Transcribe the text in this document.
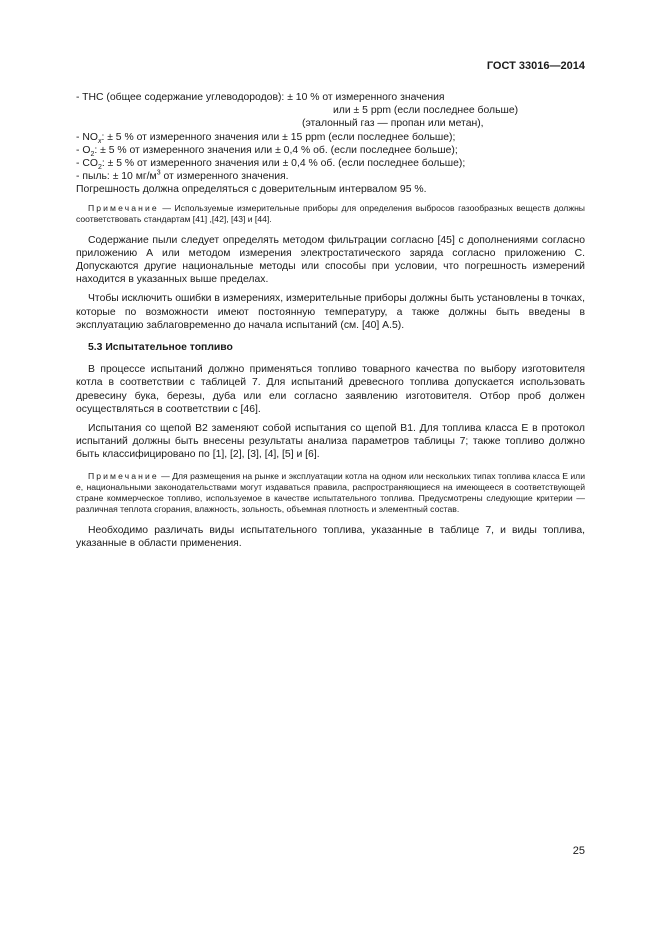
ГОСТ 33016—2014

- THC (общее содержание углеводородов): ± 10 % от измеренного значения

или ± 5 ppm (если последнее больше)

(эталонный газ — пропан или метан),

- $NO_x$: ± 5 % от измеренного значения или ± 15 ppm (если последнее больше);

- $O_2$: ± 5 % от измеренного значения или ± 0,4 % об. (если последнее больше);

- $CO_2$: ± 5 % от измеренного значения или ± 0,4 % об. (если последнее больше);

- пыль: ± 10 $мг/м^3$ от измеренного значения.

Погрешность должна определяться с доверительным интервалом 95 %.

Примечание — Используемые измерительные приборы для определения выбросов газообразных веществ должны соответствовать стандартам [41] ,[42], [43] и [44].

Содержание пыли следует определять методом фильтрации согласно [45] с дополнениями согласно приложению А или методом измерения электростатического заряда согласно приложению С. Допускаются другие национальные методы или способы при условии, что погрешность измерений находится в указанных выше пределах.

Чтобы исключить ошибки в измерениях, измерительные приборы должны быть установлены в точках, которые по возможности имеют постоянную температуру, а также должны быть введены в эксплуатацию заблаговременно до начала испытаний (см. [40] А.5).

5.3 Испытательное топливо

В процессе испытаний должно применяться топливо товарного качества по выбору изготовителя котла в соответствии с таблицей 7. Для испытаний древесного топлива допускается использовать древесину бука, березы, дуба или ели согласно заявлению изготовителя. Отбор проб должен осуществляться в соответствии с [46].

Испытания со щепой В2 заменяют собой испытания со щепой В1. Для топлива класса Е в протокол испытаний должны быть внесены результаты анализа параметров таблицы 7; также топливо должно быть классифицировано по [1], [2], [3], [4], [5] и [6].

Примечание — Для размещения на рынке и эксплуатации котла на одном или нескольких типах топлива класса Е или е, национальными законодательствами могут издаваться правила, распространяющиеся на имеющееся в соответствующей стране коммерческое топливо, используемое в качестве испытательного топлива. Предусмотрены следующие критерии — различная теплота сгорания, влажность, зольность, объемная плотность и элементный состав.

Необходимо различать виды испытательного топлива, указанные в таблице 7, и виды топлива, указанные в области применения.

25
